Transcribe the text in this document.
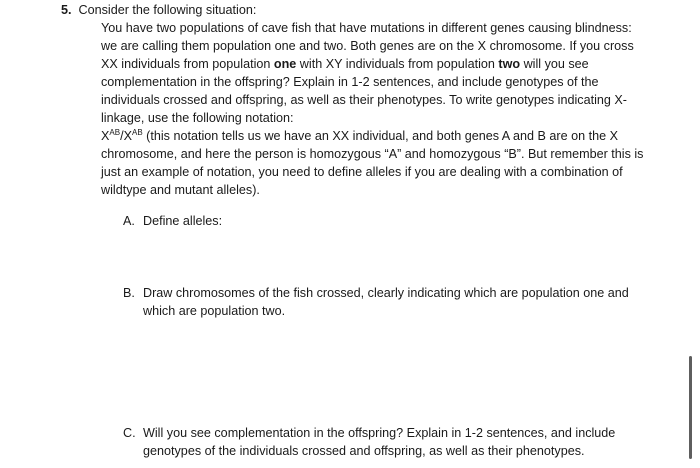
5. Consider the following situation:

You have two populations of cave fish that have mutations in different genes causing blindness: we are calling them population one and two. Both genes are on the X chromosome. If you cross XX individuals from population one with XY individuals from population two will you see complementation in the offspring? Explain in 1-2 sentences, and include genotypes of the individuals crossed and offspring, as well as their phenotypes. To write genotypes indicating X-linkage, use the following notation:

$X^{AB}/X^{AB}$ (this notation tells us we have an XX individual, and both genes A and B are on the X chromosome, and here the person is homozygous “A” and homozygous “B”. But remember this is just an example of notation, you need to define alleles if you are dealing with a combination of wildtype and mutant alleles).

A. Define alleles:
B. Draw chromosomes of the fish crossed, clearly indicating which are population one and which are population two.
C. Will you see complementation in the offspring? Explain in 1-2 sentences, and include genotypes of the individuals crossed and offspring, as well as their phenotypes.
